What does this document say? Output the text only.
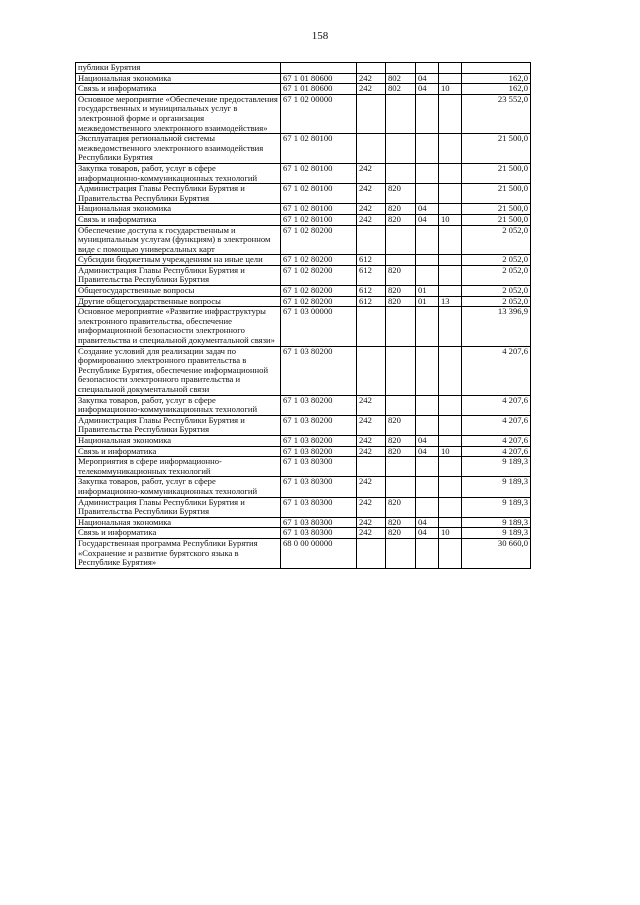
158
публики Бурятия						
Национальная экономика	67 1 01 80600	242	802	04		162,0
Связь и информатика	67 1 01 80600	242	802	04	10	162,0
Основное мероприятие «Обеспечение предоставления государственных и муниципальных услуг в электронной форме и организация межведомственного электронного взаимодействия»	67 1 02 00000					23 552,0
Эксплуатация региональной системы межведомственного электронного взаимодействия Республики Бурятия	67 1 02 80100					21 500,0
Закупка товаров, работ, услуг в сфере информационно-коммуникационных технологий	67 1 02 80100	242				21 500,0
Администрация Главы Республики Бурятия и Правительства Республики Бурятия	67 1 02 80100	242	820			21 500,0
Национальная экономика	67 1 02 80100	242	820	04		21 500,0
Связь и информатика	67 1 02 80100	242	820	04	10	21 500,0
Обеспечение доступа к государственным и муниципальным услугам (функциям) в электронном виде с помощью универсальных карт	67 1 02 80200					2 052,0
Субсидии бюджетным учреждениям на иные цели	67 1 02 80200	612				2 052,0
Администрация Главы Республики Бурятия и Правительства Республики Бурятия	67 1 02 80200	612	820			2 052,0
Общегосударственные вопросы	67 1 02 80200	612	820	01		2 052,0
Другие общегосударственные вопросы	67 1 02 80200	612	820	01	13	2 052,0
Основное мероприятие «Развитие инфраструктуры электронного правительства, обеспечение информационной безопасности электронного правительства и специальной документальной связи»	67 1 03 00000					13 396,9
Создание условий для реализации задач по формированию электронного правительства в Республике Бурятия, обеспечение информационной безопасности электронного правительства и специальной документальной связи	67 1 03 80200					4 207,6
Закупка товаров, работ, услуг в сфере информационно-коммуникационных технологий	67 1 03 80200	242				4 207,6
Администрация Главы Республики Бурятия и Правительства Республики Бурятия	67 1 03 80200	242	820			4 207,6
Национальная экономика	67 1 03 80200	242	820	04		4 207,6
Связь и информатика	67 1 03 80200	242	820	04	10	4 207,6
Мероприятия в сфере информационно-телекоммуникационных технологий	67 1 03 80300					9 189,3
Закупка товаров, работ, услуг в сфере информационно-коммуникационных технологий	67 1 03 80300	242				9 189,3
Администрация Главы Республики Бурятия и Правительства Республики Бурятия	67 1 03 80300	242	820			9 189,3
Национальная экономика	67 1 03 80300	242	820	04		9 189,3
Связь и информатика	67 1 03 80300	242	820	04	10	9 189,3
Государственная программа Республики Бурятия «Сохранение и развитие бурятского языка в Республике Бурятия»	68 0 00 00000					30 660,0
